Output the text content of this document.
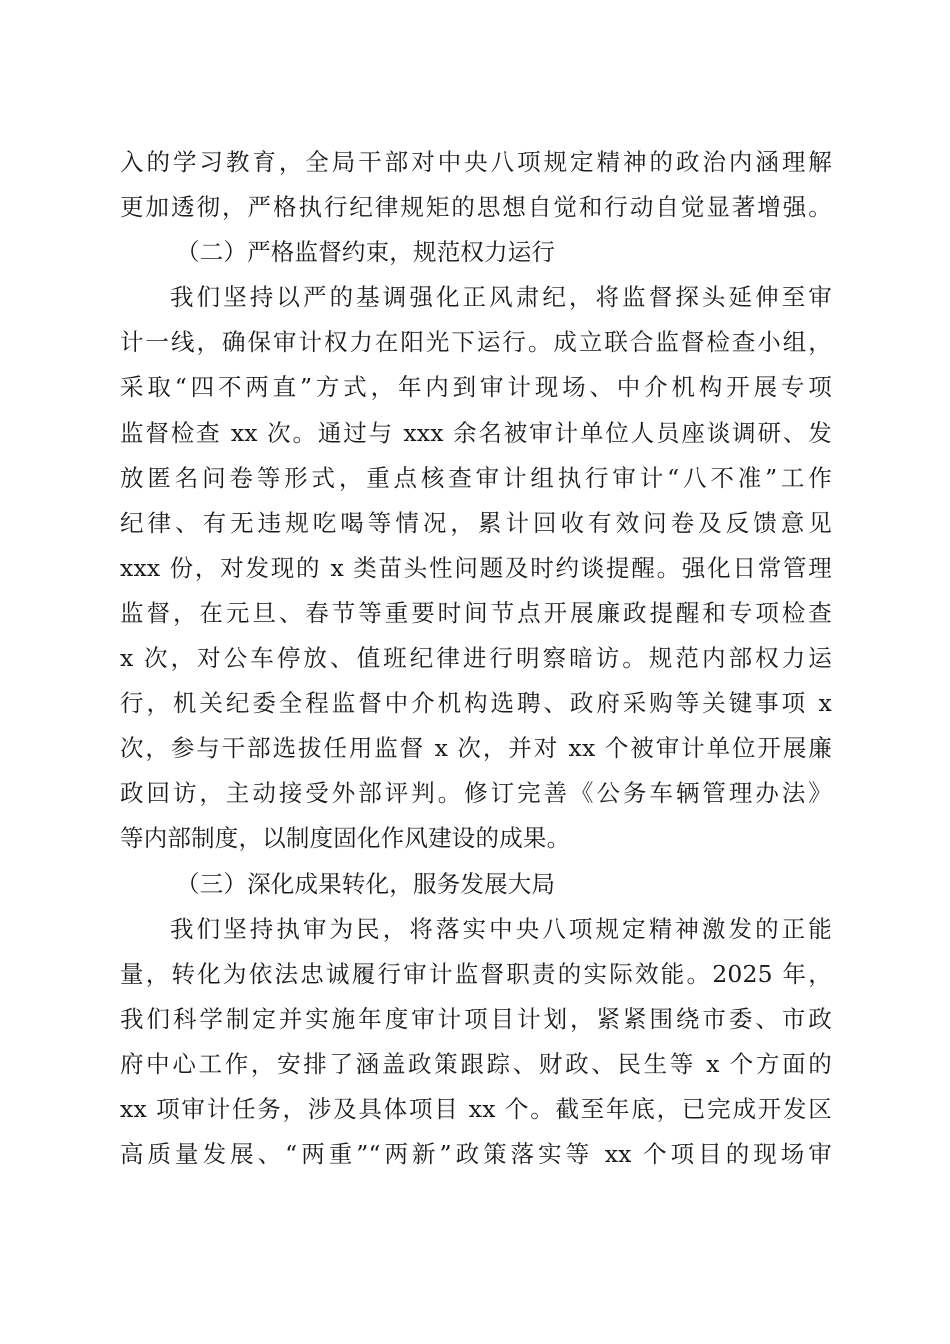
入的学习教育，全局干部对中央八项规定精神的政治内涵理解
更加透彻，严格执行纪律规矩的思想自觉和行动自觉显著增强。
（二）严格监督约束，规范权力运行
我们坚持以严的基调强化正风肃纪，将监督探头延伸至审
计一线，确保审计权力在阳光下运行。成立联合监督检查小组，
采取“四不两直”方式，年内到审计现场、中介机构开展专项
监督检查 xx 次。通过与 xxx 余名被审计单位人员座谈调研、发
放匿名问卷等形式，重点核查审计组执行审计“八不准”工作
纪律、有无违规吃喝等情况，累计回收有效问卷及反馈意见
xxx 份，对发现的 x 类苗头性问题及时约谈提醒。强化日常管理
监督，在元旦、春节等重要时间节点开展廉政提醒和专项检查
x 次，对公车停放、值班纪律进行明察暗访。规范内部权力运
行，机关纪委全程监督中介机构选聘、政府采购等关键事项 x
次，参与干部选拔任用监督 x 次，并对 xx 个被审计单位开展廉
政回访，主动接受外部评判。修订完善《公务车辆管理办法》
等内部制度，以制度固化作风建设的成果。
（三）深化成果转化，服务发展大局
我们坚持执审为民，将落实中央八项规定精神激发的正能
量，转化为依法忠诚履行审计监督职责的实际效能。2025 年，
我们科学制定并实施年度审计项目计划，紧紧围绕市委、市政
府中心工作，安排了涵盖政策跟踪、财政、民生等 x 个方面的
xx 项审计任务，涉及具体项目 xx 个。截至年底，已完成开发区
高质量发展、“两重”“两新”政策落实等 xx 个项目的现场审
